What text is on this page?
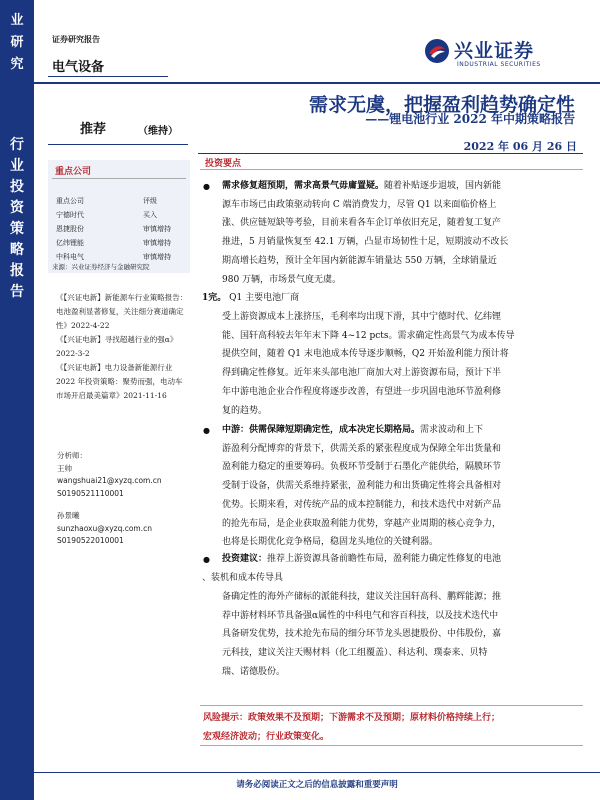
业
研
究
行
业
投
资
策
略
报
告
证券研究报告
电气设备
兴业证券
INDUSTRIAL SECURITIES
需求无虞，把握盈利趋势确定性
——锂电池行业 2022 年中期策略报告
推荐	（维持）
2022 年 06 月 26 日
重点公司
重点公司	评级
宁德时代	买入
恩捷股份	审慎增持
亿纬锂能	审慎增持
中科电气	审慎增持
来源：兴业证券经济与金融研究院
《【兴证电新】新能源车行业策略报告：电池盈利显著修复，关注细分赛道确定性》2022-4-22
《【兴证电新】寻找超越行业的强α》2022-3-2
《【兴证电新】电力设备新能源行业 2022 年投资策略：聚势而强，电动车市场开启最美篇章》2021-11-16
分析师：
王帅
wangshuai21@xyzq.com.cn
S0190521110001
孙景曦
sunzhaoxu@xyzq.com.cn
S0190522010001
投资要点
● 需求修复超预期，需求高景气毋庸置疑。随着补贴逐步退坡，国内新能
源车市场已由政策驱动转向 C 端消费发力，尽管 Q1 以来面临价格上
涨、供应链短缺等考验，目前来看各车企订单依旧充足，随着复工复产
推进，5 月销量恢复至 42.1 万辆，凸显市场韧性十足，短期波动不改长
期高增长趋势，预计全年国内新能源车销量达 550 万辆，全球销量近
980 万辆，市场景气度无虞。
1完。 Q1 主要电池厂商
受上游资源成本上涨挤压，毛利率均出现下滑，其中宁德时代、亿纬锂
能、国轩高科较去年年末下降 4~12 pcts。需求确定性高景气为成本传导
提供空间，随着 Q1 末电池成本传导逐步顺畅，Q2 开始盈利能力预计将
得到确定性修复。近年来头部电池厂商加大对上游资源布局，预计下半
年中游电池企业合作程度将逐步改善，有望进一步巩固电池环节盈利修
复的趋势。
● 中游：供需保障短期确定性，成本决定长期格局。需求波动和上下
游盈利分配博弈的背景下，供需关系的紧张程度成为保障全年出货量和
盈利能力稳定的重要筹码。负极环节受制于石墨化产能供给，隔膜环节
受制于设备，供需关系维持紧张，盈利能力和出货确定性将会具备相对
优势。长期来看，对传统产品的成本控制能力，和技术迭代中对新产品
的抢先布局，是企业获取盈利能力优势，穿越产业周期的核心竞争力，
也将是长期优化竞争格局，稳固龙头地位的关键利器。
● 投资建议：推荐上游资源具备前瞻性布局，盈利能力确定性修复的电池
、装机和成本传导具
备确定性的海外产储标的派能科技，建议关注国轩高科、鹏辉能源；推
荐中游材料环节具备强α属性的中科电气和容百科技，以及技术迭代中
具备研发优势，技术抢先布局的细分环节龙头恩捷股份、中伟股份，嘉
元科技，建议关注天赐材料（化工组覆盖）、科达利、璞泰来、贝特
瑞、诺德股份。
风险提示：政策效果不及预期；下游需求不及预期；原材料价格持续上行；
宏观经济波动；行业政策变化。
请务必阅读正文之后的信息披露和重要声明
